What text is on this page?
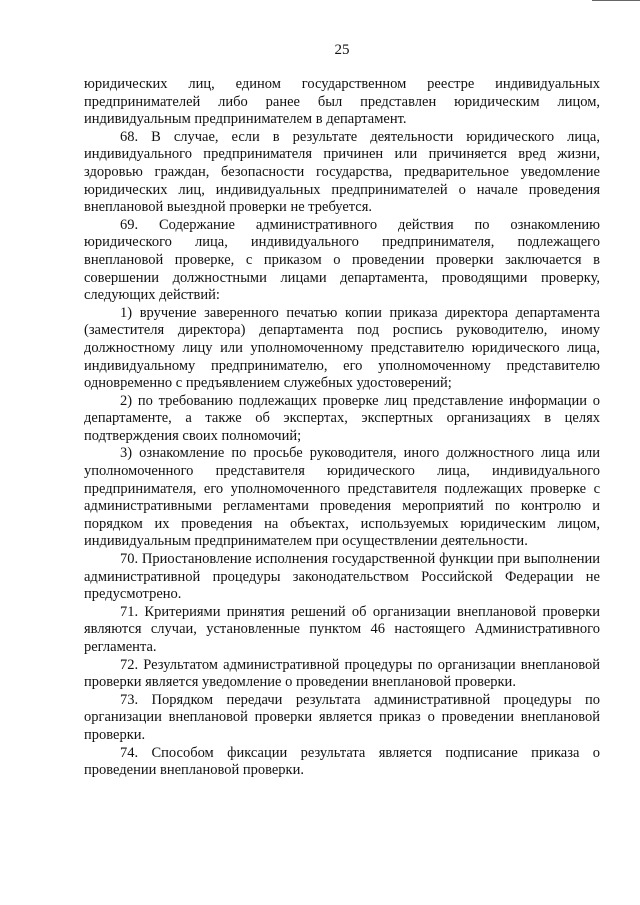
25

юридических лиц, едином государственном реестре индивидуальных предпринимателей либо ранее был представлен юридическим лицом, индивидуальным предпринимателем в департамент.

68. В случае, если в результате деятельности юридического лица, индивидуального предпринимателя причинен или причиняется вред жизни, здоровью граждан, безопасности государства, предварительное уведомление юридических лиц, индивидуальных предпринимателей о начале проведения внеплановой выездной проверки не требуется.

69. Содержание административного действия по ознакомлению юридического лица, индивидуального предпринимателя, подлежащего внеплановой проверке, с приказом о проведении проверки заключается в совершении должностными лицами департамента, проводящими проверку, следующих действий:

1) вручение заверенного печатью копии приказа директора департамента (заместителя директора) департамента под роспись руководителю, иному должностному лицу или уполномоченному представителю юридического лица, индивидуальному предпринимателю, его уполномоченному представителю одновременно с предъявлением служебных удостоверений;

2) по требованию подлежащих проверке лиц представление информации о департаменте, а также об экспертах, экспертных организациях в целях подтверждения своих полномочий;

3) ознакомление по просьбе руководителя, иного должностного лица или уполномоченного представителя юридического лица, индивидуального предпринимателя, его уполномоченного представителя подлежащих проверке с административными регламентами проведения мероприятий по контролю и порядком их проведения на объектах, используемых юридическим лицом, индивидуальным предпринимателем при осуществлении деятельности.

70. Приостановление исполнения государственной функции при выполнении административной процедуры законодательством Российской Федерации не предусмотрено.

71. Критериями принятия решений об организации внеплановой проверки являются случаи, установленные пунктом 46 настоящего Административного регламента.

72. Результатом административной процедуры по организации внеплановой проверки является уведомление о проведении внеплановой проверки.

73. Порядком передачи результата административной процедуры по организации внеплановой проверки является приказ о проведении внеплановой проверки.

74. Способом фиксации результата является подписание приказа о проведении внеплановой проверки.
